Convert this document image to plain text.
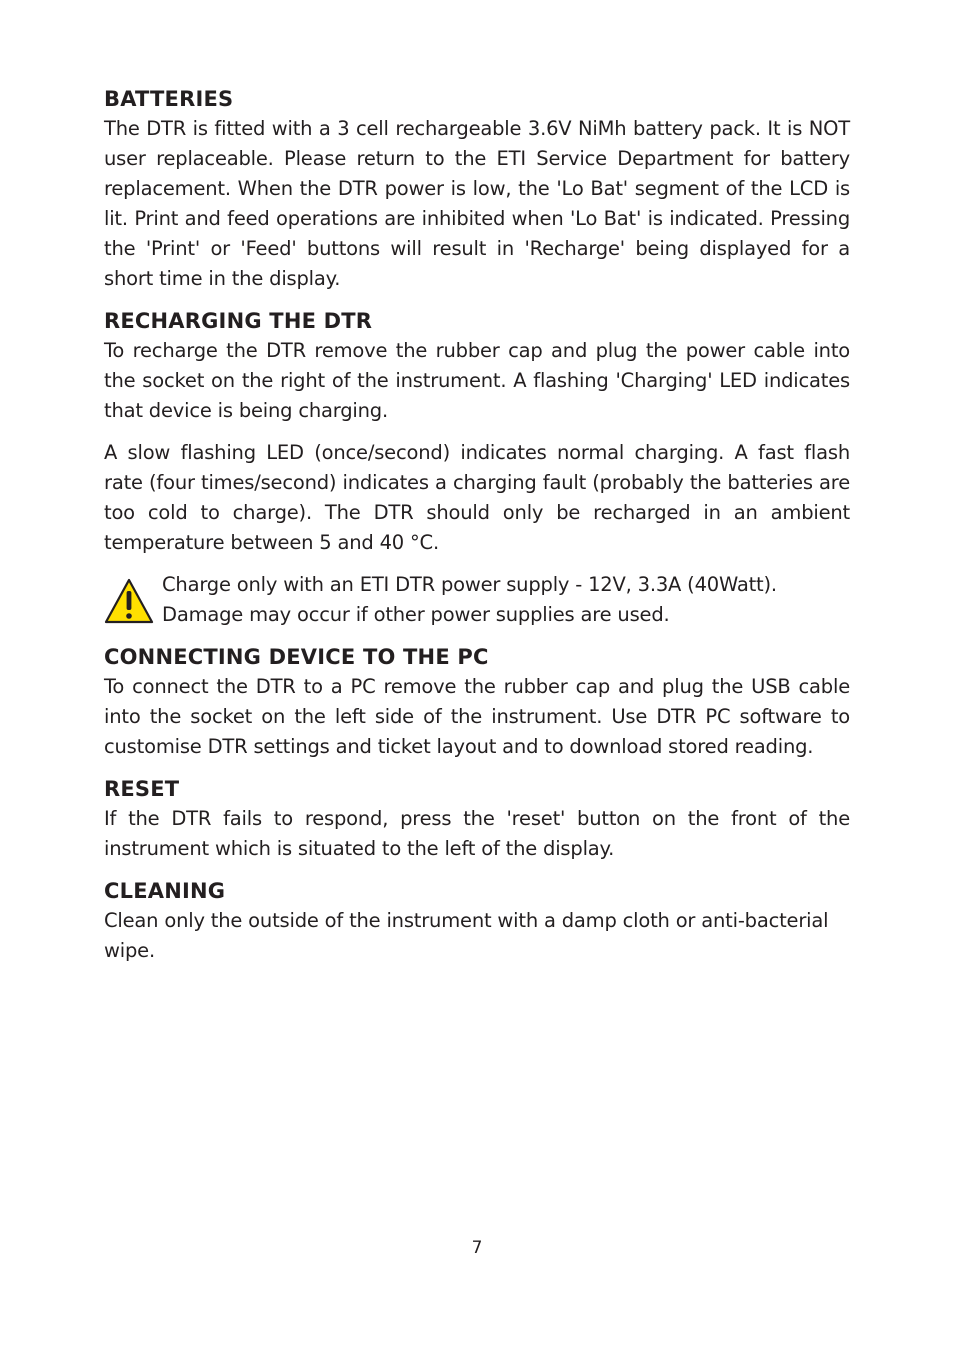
BATTERIES

The DTR is fitted with a 3 cell rechargeable 3.6V NiMh battery pack. It is NOT user replaceable. Please return to the ETI Service Department for battery replacement. When the DTR power is low, the 'Lo Bat' segment of the LCD is lit. Print and feed operations are inhibited when 'Lo Bat' is indicated. Pressing the 'Print' or 'Feed' buttons will result in 'Recharge' being displayed for a short time in the display.

RECHARGING THE DTR

To recharge the DTR remove the rubber cap and plug the power cable into the socket on the right of the instrument. A flashing 'Charging' LED indicates that device is being charging.

A slow flashing LED (once/second) indicates normal charging. A fast flash rate (four times/second) indicates a charging fault (probably the batteries are too cold to charge). The DTR should only be recharged in an ambient temperature between 5 and 40 °C.

Charge only with an ETI DTR power supply - 12V, 3.3A (40Watt).
Damage may occur if other power supplies are used.
CONNECTING DEVICE TO THE PC

To connect the DTR to a PC remove the rubber cap and plug the USB cable into the socket on the left side of the instrument. Use DTR PC software to customise DTR settings and ticket layout and to download stored reading.

RESET

If the DTR fails to respond, press the 'reset' button on the front of the instrument which is situated to the left of the display.

CLEANING

Clean only the outside of the instrument with a damp cloth or anti-bacterial wipe.

7
